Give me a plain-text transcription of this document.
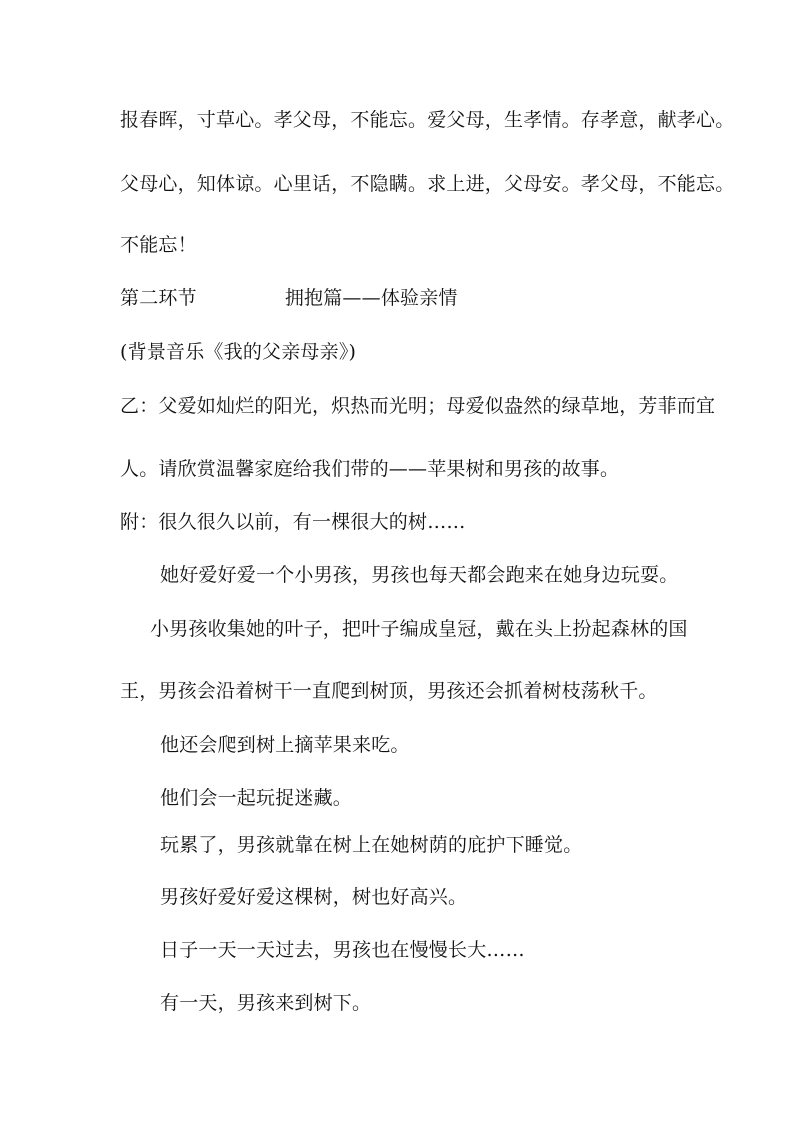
报春晖，寸草心。孝父母，不能忘。爱父母，生孝情。存孝意，献孝心。
父母心，知体谅。心里话，不隐瞒。求上进，父母安。孝父母，不能忘。
不能忘！
第二环节	拥抱篇——体验亲情
(背景音乐《我的父亲母亲》)
乙：父爱如灿烂的阳光，炽热而光明；母爱似盎然的绿草地，芳菲而宜
人。请欣赏温馨家庭给我们带的——苹果树和男孩的故事。
附：很久很久以前，有一棵很大的树……
她好爱好爱一个小男孩，男孩也每天都会跑来在她身边玩耍。
小男孩收集她的叶子，把叶子编成皇冠，戴在头上扮起森林的国
王，男孩会沿着树干一直爬到树顶，男孩还会抓着树枝荡秋千。
他还会爬到树上摘苹果来吃。
他们会一起玩捉迷藏。
玩累了，男孩就靠在树上在她树荫的庇护下睡觉。
男孩好爱好爱这棵树，树也好高兴。
日子一天一天过去，男孩也在慢慢长大……
有一天，男孩来到树下。
